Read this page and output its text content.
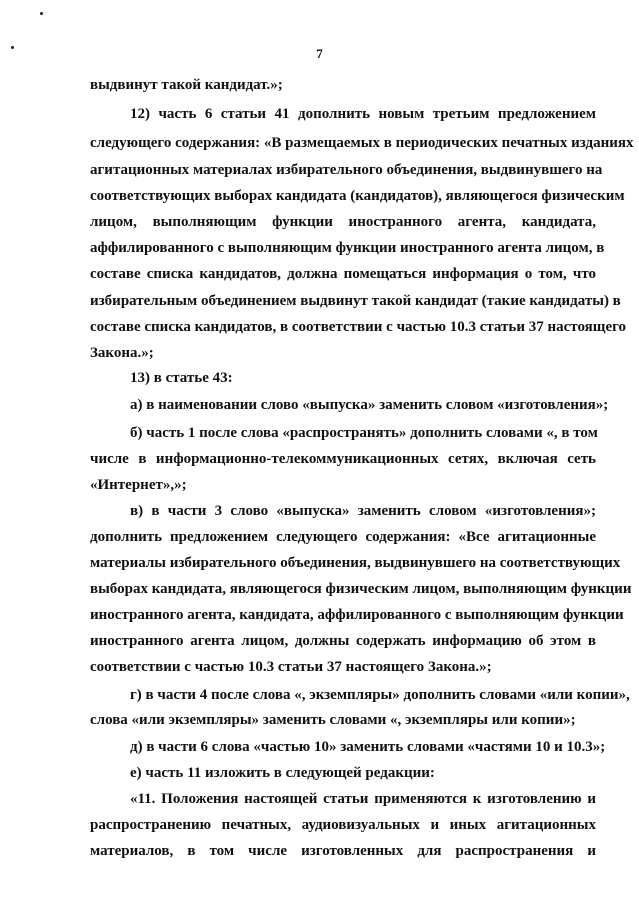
7
выдвинут такой кандидат.»;
12) часть 6 статьи 41 дополнить новым третьим предложением
следующего содержания: «В размещаемых в периодических печатных изданиях
агитационных материалах избирательного объединения, выдвинувшего на
соответствующих выборах кандидата (кандидатов), являющегося физическим
лицом, выполняющим функции иностранного агента, кандидата,
аффилированного с выполняющим функции иностранного агента лицом, в
составе списка кандидатов, должна помещаться информация о том, что
избирательным объединением выдвинут такой кандидат (такие кандидаты) в
составе списка кандидатов, в соответствии с частью 10.3 статьи 37 настоящего
Закона.»;
13) в статье 43:
а) в наименовании слово «выпуска» заменить словом «изготовления»;
б) часть 1 после слова «распространять» дополнить словами «, в том
числе в информационно-телекоммуникационных сетях, включая сеть
«Интернет»,»;
в) в части 3 слово «выпуска» заменить словом «изготовления»;
дополнить предложением следующего содержания: «Все агитационные
материалы избирательного объединения, выдвинувшего на соответствующих
выборах кандидата, являющегося физическим лицом, выполняющим функции
иностранного агента, кандидата, аффилированного с выполняющим функции
иностранного агента лицом, должны содержать информацию об этом в
соответствии с частью 10.3 статьи 37 настоящего Закона.»;
г) в части 4 после слова «, экземпляры» дополнить словами «или копии»,
слова «или экземпляры» заменить словами «, экземпляры или копии»;
д) в части 6 слова «частью 10» заменить словами «частями 10 и 10.3»;
е) часть 11 изложить в следующей редакции:
«11. Положения настоящей статьи применяются к изготовлению и
распространению печатных, аудиовизуальных и иных агитационных
материалов, в том числе изготовленных для распространения и
